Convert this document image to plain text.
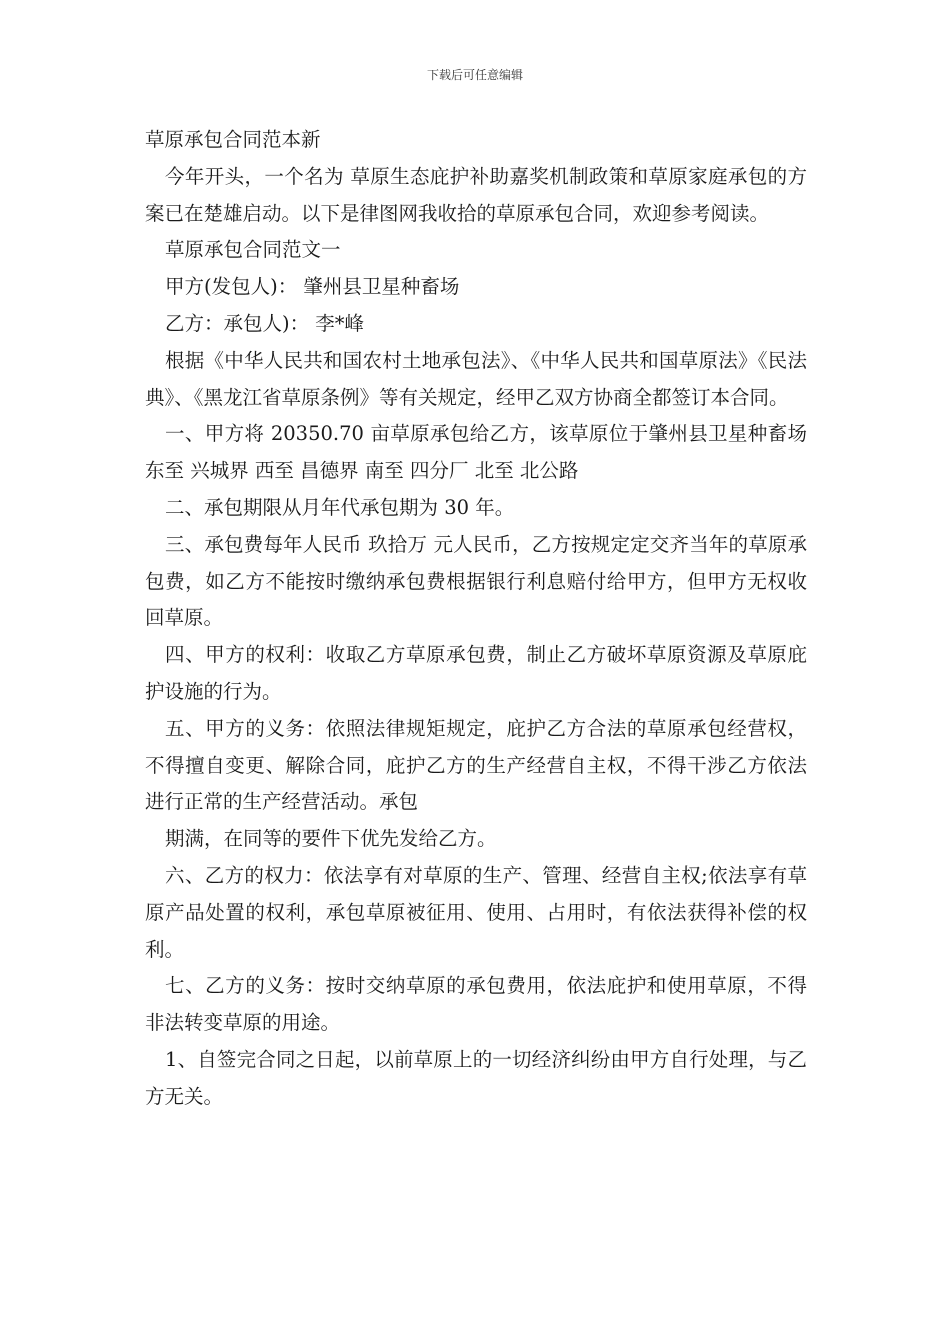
下载后可任意编辑

草原承包合同范本新

今年开头，一个名为 草原生态庇护补助嘉奖机制政策和草原家庭承包的方案已在楚雄启动。以下是律图网我收拾的草原承包合同，欢迎参考阅读。

草原承包合同范文一

甲方(发包人)： 肇州县卫星种畜场

乙方：承包人)： 李*峰

根据《中华人民共和国农村土地承包法》、《中华人民共和国草原法》《民法典》、《黑龙江省草原条例》等有关规定，经甲乙双方协商全都签订本合同。

一、甲方将 20350.70 亩草原承包给乙方，该草原位于肇州县卫星种畜场 东至 兴城界 西至 昌德界 南至 四分厂 北至 北公路

二、承包期限从月年代承包期为 30 年。

三、承包费每年人民币 玖拾万 元人民币，乙方按规定定交齐当年的草原承包费，如乙方不能按时缴纳承包费根据银行利息赔付给甲方，但甲方无权收回草原。

四、甲方的权利：收取乙方草原承包费，制止乙方破坏草原资源及草原庇护设施的行为。

五、甲方的义务：依照法律规矩规定，庇护乙方合法的草原承包经营权，不得擅自变更、解除合同，庇护乙方的生产经营自主权，不得干涉乙方依法进行正常的生产经营活动。承包

期满，在同等的要件下优先发给乙方。

六、乙方的权力：依法享有对草原的生产、管理、经营自主权;依法享有草原产品处置的权利，承包草原被征用、使用、占用时，有依法获得补偿的权利。

七、乙方的义务：按时交纳草原的承包费用，依法庇护和使用草原，不得非法转变草原的用途。

1、自签完合同之日起，以前草原上的一切经济纠纷由甲方自行处理，与乙方无关。
